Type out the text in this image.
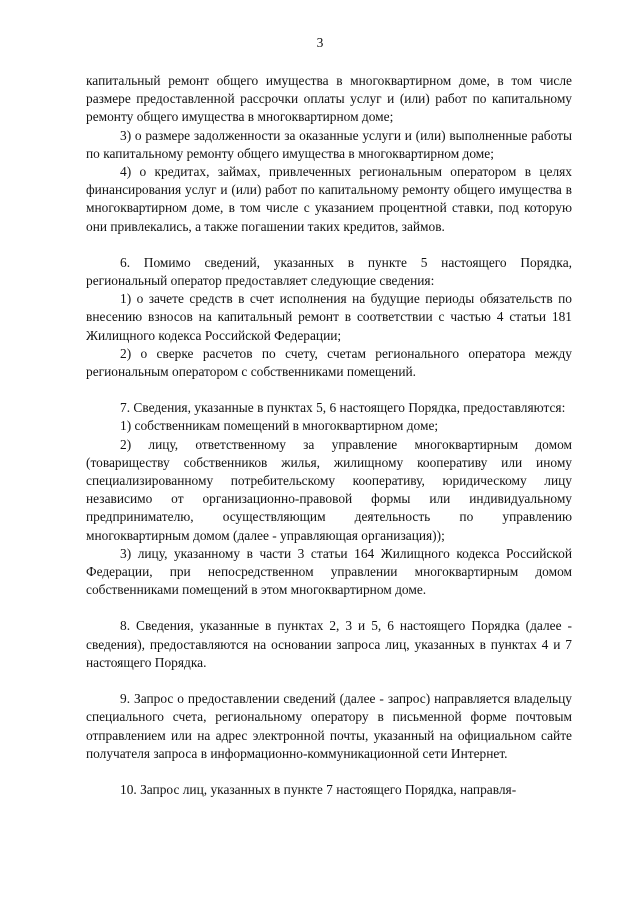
3

капитальный ремонт общего имущества в многоквартирном доме, в том числе размере предоставленной рассрочки оплаты услуг и (или) работ по капитальному ремонту общего имущества в многоквартирном доме;

3) о размере задолженности за оказанные услуги и (или) выполненные работы по капитальному ремонту общего имущества в многоквартирном доме;

4) о кредитах, займах, привлеченных региональным оператором в целях финансирования услуг и (или) работ по капитальному ремонту общего имущества в многоквартирном доме, в том числе с указанием процентной ставки, под которую они привлекались, а также погашении таких кредитов, займов.

6. Помимо сведений, указанных в пункте 5 настоящего Порядка, региональный оператор предоставляет следующие сведения:

1) о зачете средств в счет исполнения на будущие периоды обязательств по внесению взносов на капитальный ремонт в соответствии с частью 4 статьи 181 Жилищного кодекса Российской Федерации;

2) о сверке расчетов по счету, счетам регионального оператора между региональным оператором с собственниками помещений.

7. Сведения, указанные в пунктах 5, 6 настоящего Порядка, предоставляются:

1) собственникам помещений в многоквартирном доме;

2) лицу, ответственному за управление многоквартирным домом (товариществу собственников жилья, жилищному кооперативу или иному специализированному потребительскому кооперативу, юридическому лицу независимо от организационно-правовой формы или индивидуальному предпринимателю, осуществляющим деятельность по управлению многоквартирным домом (далее - управляющая организация));

3) лицу, указанному в части 3 статьи 164 Жилищного кодекса Российской Федерации, при непосредственном управлении многоквартирным домом собственниками помещений в этом многоквартирном доме.

8. Сведения, указанные в пунктах 2, 3 и 5, 6 настоящего Порядка (далее - сведения), предоставляются на основании запроса лиц, указанных в пунктах 4 и 7 настоящего Порядка.

9. Запрос о предоставлении сведений (далее - запрос) направляется владельцу специального счета, региональному оператору в письменной форме почтовым отправлением или на адрес электронной почты, указанный на официальном сайте получателя запроса в информационно-коммуникационной сети Интернет.

10. Запрос лиц, указанных в пункте 7 настоящего Порядка, направля-
